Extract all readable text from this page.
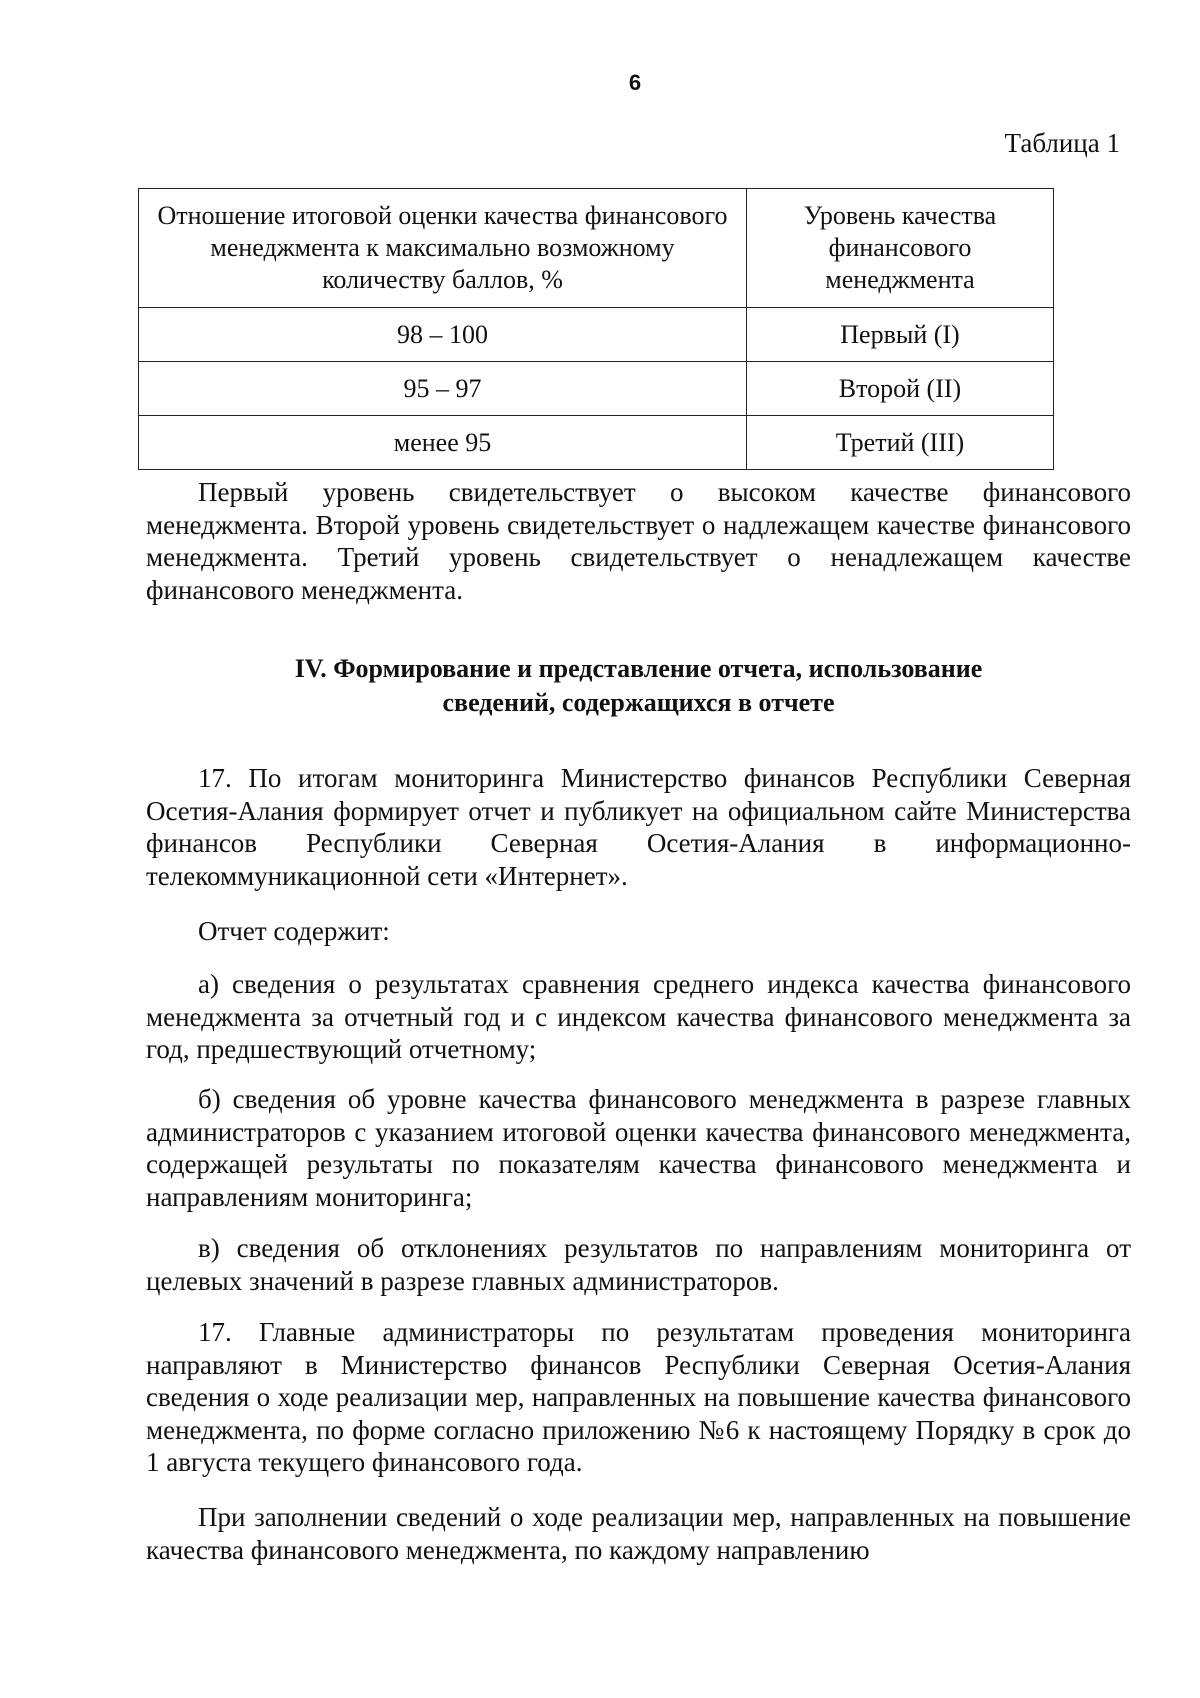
6
Таблица 1
Отношение итоговой оценки качества финансового менеджмента к максимально возможному количеству баллов, %	Уровень качества финансового менеджмента
98 – 100	Первый (I)
95 – 97	Второй (II)
менее 95	Третий (III)

Первый уровень свидетельствует о высоком качестве финансового менеджмента. Второй уровень свидетельствует о надлежащем качестве финансового менеджмента. Третий уровень свидетельствует о ненадлежащем качестве финансового менеджмента.

IV. Формирование и представление отчета, использование
сведений, содержащихся в отчете

17. По итогам мониторинга Министерство финансов Республики Северная Осетия-Алания формирует отчет и публикует на официальном сайте Министерства финансов Республики Северная Осетия-Алания в информационно-телекоммуникационной сети «Интернет».

Отчет содержит:

а) сведения о результатах сравнения среднего индекса качества финансового менеджмента за отчетный год и с индексом качества финансового менеджмента за год, предшествующий отчетному;

б) сведения об уровне качества финансового менеджмента в разрезе главных администраторов с указанием итоговой оценки качества финансового менеджмента, содержащей результаты по показателям качества финансового менеджмента и направлениям мониторинга;

в) сведения об отклонениях результатов по направлениям мониторинга от целевых значений в разрезе главных администраторов.

17. Главные администраторы по результатам проведения мониторинга направляют в Министерство финансов Республики Северная Осетия-Алания сведения о ходе реализации мер, направленных на повышение качества финансового менеджмента, по форме согласно приложению №6 к настоящему Порядку в срок до 1 августа текущего финансового года.

При заполнении сведений о ходе реализации мер, направленных на повышение качества финансового менеджмента, по каждому направлению
